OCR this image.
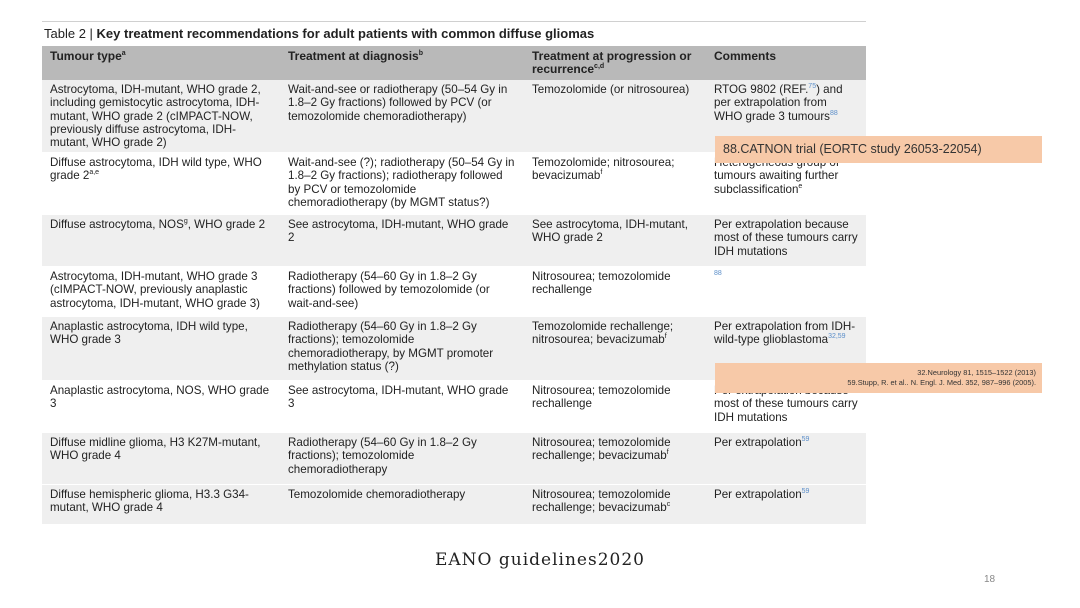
Table 2 | Key treatment recommendations for adult patients with common diffuse gliomas
Tumour type$^a$	Treatment at diagnosis$^b$	Treatment at progression or recurrence$^{c,d}$	Comments
Astrocytoma, IDH-mutant, WHO grade 2, including gemistocytic astrocytoma, IDH-mutant, WHO grade 2 (cIMPACT-NOW, previously diffuse astrocytoma, IDH-mutant, WHO grade 2)	Wait-and-see or radiotherapy (50–54 Gy in 1.8–2 Gy fractions) followed by PCV (or temozolomide chemoradiotherapy)	Temozolomide (or nitrosourea)	RTOG 9802 (REF.$^{75}$) and per extrapolation from WHO grade 3 tumours$^{88}$
Diffuse astrocytoma, IDH wild type, WHO grade 2$^{a,e}$	Wait-and-see (?); radiotherapy (50–54 Gy in 1.8–2 Gy fractions); radiotherapy followed by PCV or temozolomide chemoradiotherapy (by MGMT status?)	Temozolomide; nitrosourea; bevacizumab$^f$	tumours awaiting further subclassification$^e$
Diffuse astrocytoma, NOS$^g$, WHO grade 2	See astrocytoma, IDH-mutant, WHO grade 2	See astrocytoma, IDH-mutant, WHO grade 2	Per extrapolation because most of these tumours carry IDH mutations
Astrocytoma, IDH-mutant, WHO grade 3 (cIMPACT-NOW, previously anaplastic astrocytoma, IDH-mutant, WHO grade 3)	Radiotherapy (54–60 Gy in 1.8–2 Gy fractions) followed by temozolomide (or wait-and-see)	Nitrosourea; temozolomide rechallenge	$^{88}$
Anaplastic astrocytoma, IDH wild type, WHO grade 3	Radiotherapy (54–60 Gy in 1.8–2 Gy fractions); temozolomide chemoradiotherapy, by MGMT promoter methylation status (?)	Temozolomide rechallenge; nitrosourea; bevacizumab$^f$	Per extrapolation from IDH-wild-type glioblastoma$^{32,59}$
Anaplastic astrocytoma, NOS, WHO grade 3	See astrocytoma, IDH-mutant, WHO grade 3	Nitrosourea; temozolomide rechallenge	most of these tumours carry IDH mutations
Diffuse midline glioma, H3 K27M-mutant, WHO grade 4	Radiotherapy (54–60 Gy in 1.8–2 Gy fractions); temozolomide chemoradiotherapy	Nitrosourea; temozolomide rechallenge; bevacizumab$^f$	Per extrapolation$^{59}$
Diffuse hemispheric glioma, H3.3 G34-mutant, WHO grade 4	Temozolomide chemoradiotherapy	Nitrosourea; temozolomide rechallenge; bevacizumab$^c$	Per extrapolation$^{59}$
88.CATNON trial (EORTC study 26053-22054)
32.Neurology 81, 1515–1522 (2013)
59.Stupp, R. et al.. N. Engl. J. Med. 352, 987–996 (2005).
EANO guidelines2020
18
